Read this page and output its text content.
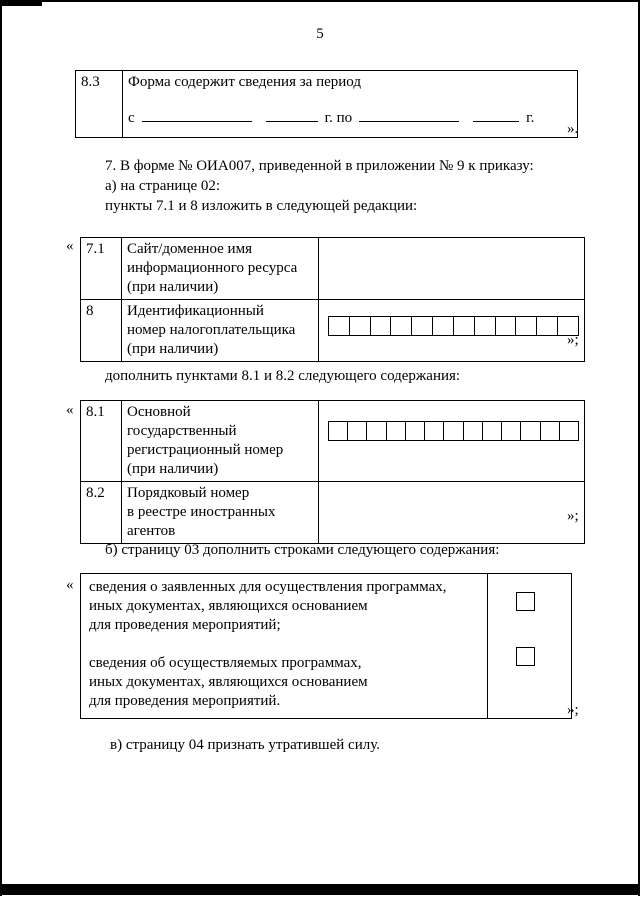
5
8.3	Форма содержит сведения за период
с	г. по	г.
».
7. В форме № ОИА007, приведенной в приложении № 9 к приказу:
а) на странице 02:
пункты 7.1 и 8 изложить в следующей редакции:
« 7.1	Сайт/доменное имя
информационного ресурса
(при наличии)	

8	Идентификационный
номер налогоплательщика
(при наличии)	

»;
дополнить пунктами 8.1 и 8.2 следующего содержания:
« 8.1	Основной
государственный
регистрационный номер
(при наличии)	

8.2	Порядковый номер
в реестре иностранных
агентов	

»;
б) страницу 03 дополнить строками следующего содержания:
« сведения о заявленных для осуществления программах,
иных документах, являющихся основанием
для проведения мероприятий;
сведения об осуществляемых программах,
иных документах, являющихся основанием
для проведения мероприятий.

»;
в) страницу 04 признать утратившей силу.
